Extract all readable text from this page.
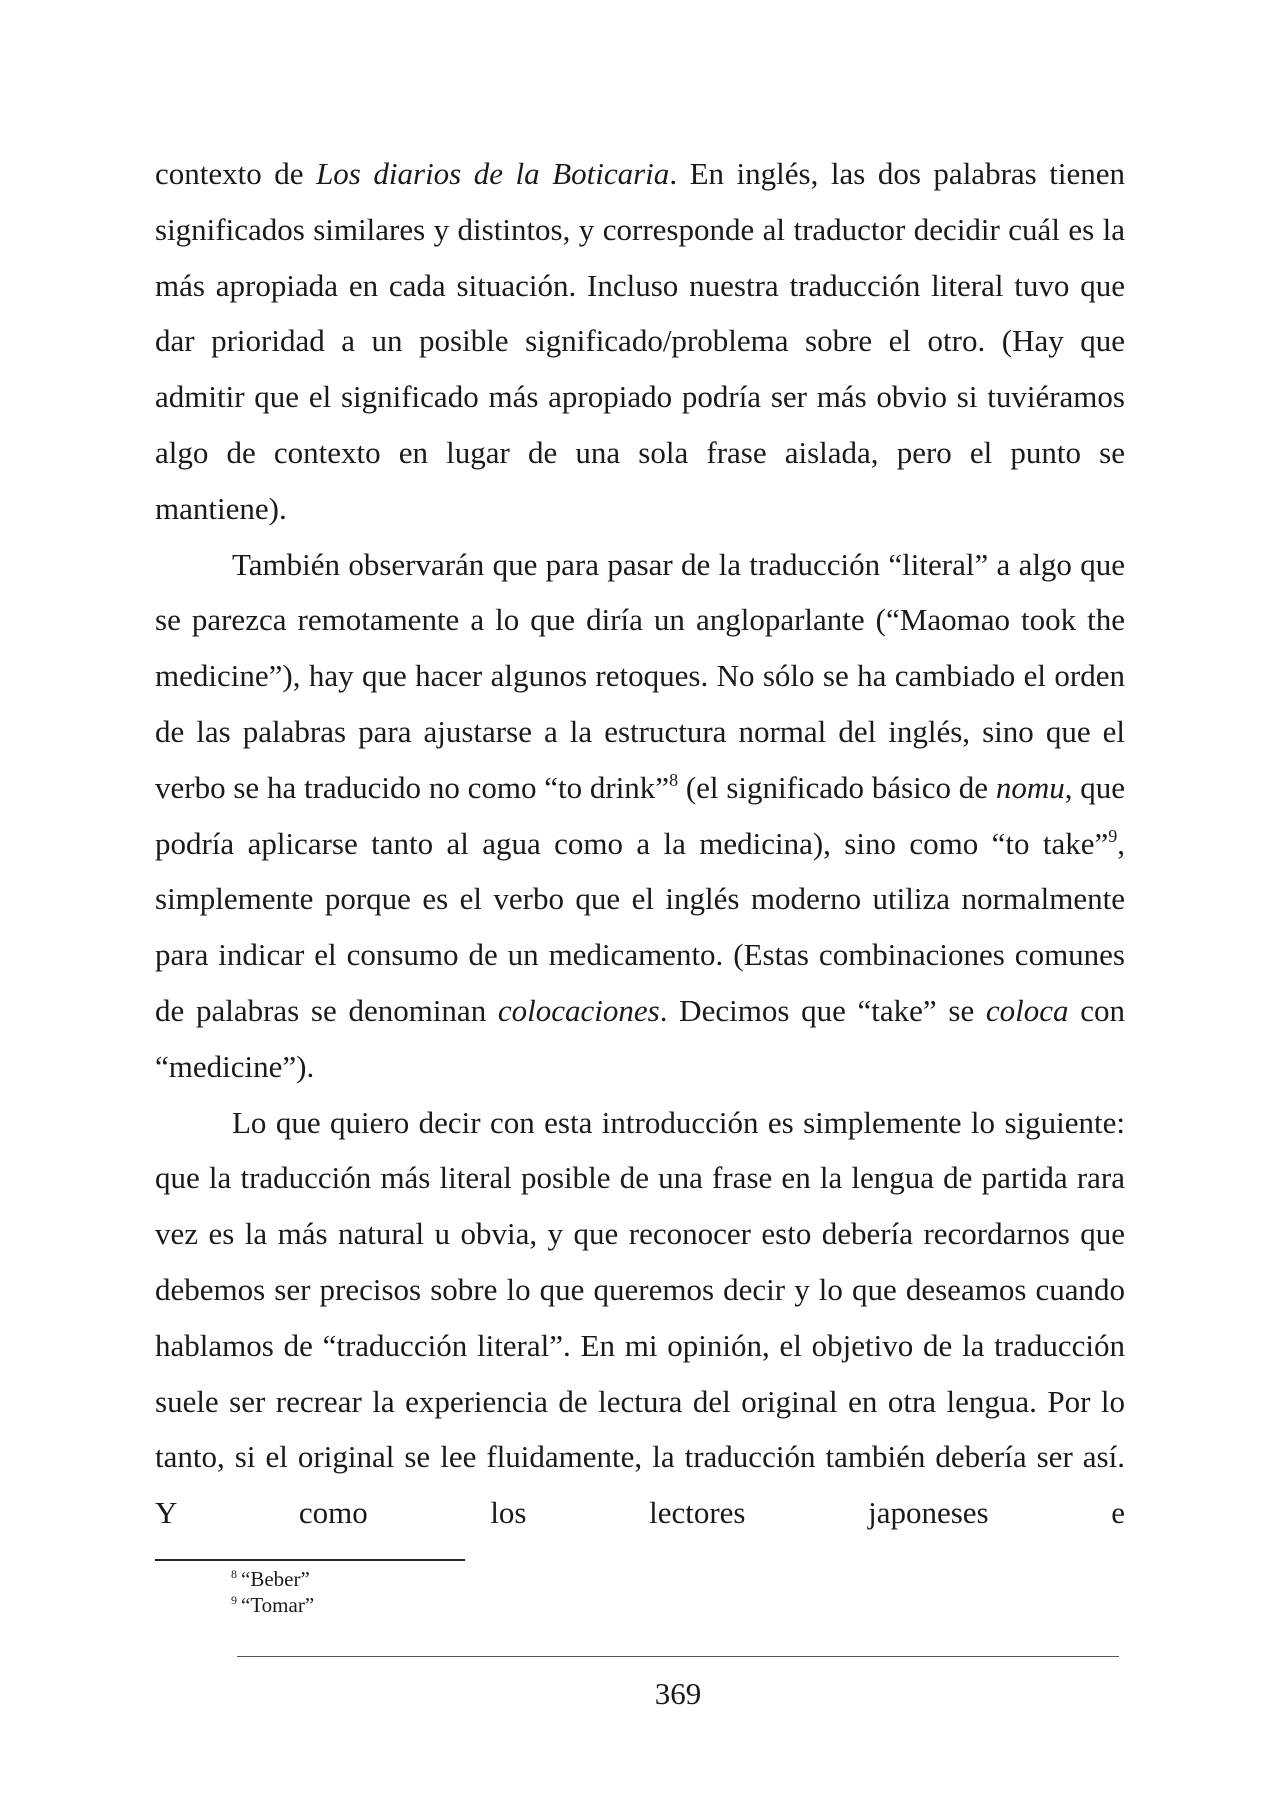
contexto de Los diarios de la Boticaria. En inglés, las dos palabras tienen significados similares y distintos, y corresponde al traductor decidir cuál es la más apropiada en cada situación. Incluso nuestra traducción literal tuvo que dar prioridad a un posible significado/problema sobre el otro. (Hay que admitir que el significado más apropiado podría ser más obvio si tuviéramos algo de contexto en lugar de una sola frase aislada, pero el punto se mantiene).

También observarán que para pasar de la traducción “literal” a algo que se parezca remotamente a lo que diría un angloparlante (“Maomao took the medicine”), hay que hacer algunos retoques. No sólo se ha cambiado el orden de las palabras para ajustarse a la estructura normal del inglés, sino que el verbo se ha traducido no como “to drink”$^8$ (el significado básico de nomu, que podría aplicarse tanto al agua como a la medicina), sino como “to take”$^9$, simplemente porque es el verbo que el inglés moderno utiliza normalmente para indicar el consumo de un medicamento. (Estas combinaciones comunes de palabras se denominan colocaciones. Decimos que “take” se coloca con “medicine”).

Lo que quiero decir con esta introducción es simplemente lo siguiente: que la traducción más literal posible de una frase en la lengua de partida rara vez es la más natural u obvia, y que reconocer esto debería recordarnos que debemos ser precisos sobre lo que queremos decir y lo que deseamos cuando hablamos de “traducción literal”. En mi opinión, el objetivo de la traducción suele ser recrear la experiencia de lectura del original en otra lengua. Por lo tanto, si el original se lee fluidamente, la traducción también debería ser así. Y como los lectores japoneses e

$^8$ “Beber”
$^9$ “Tomar”
369
